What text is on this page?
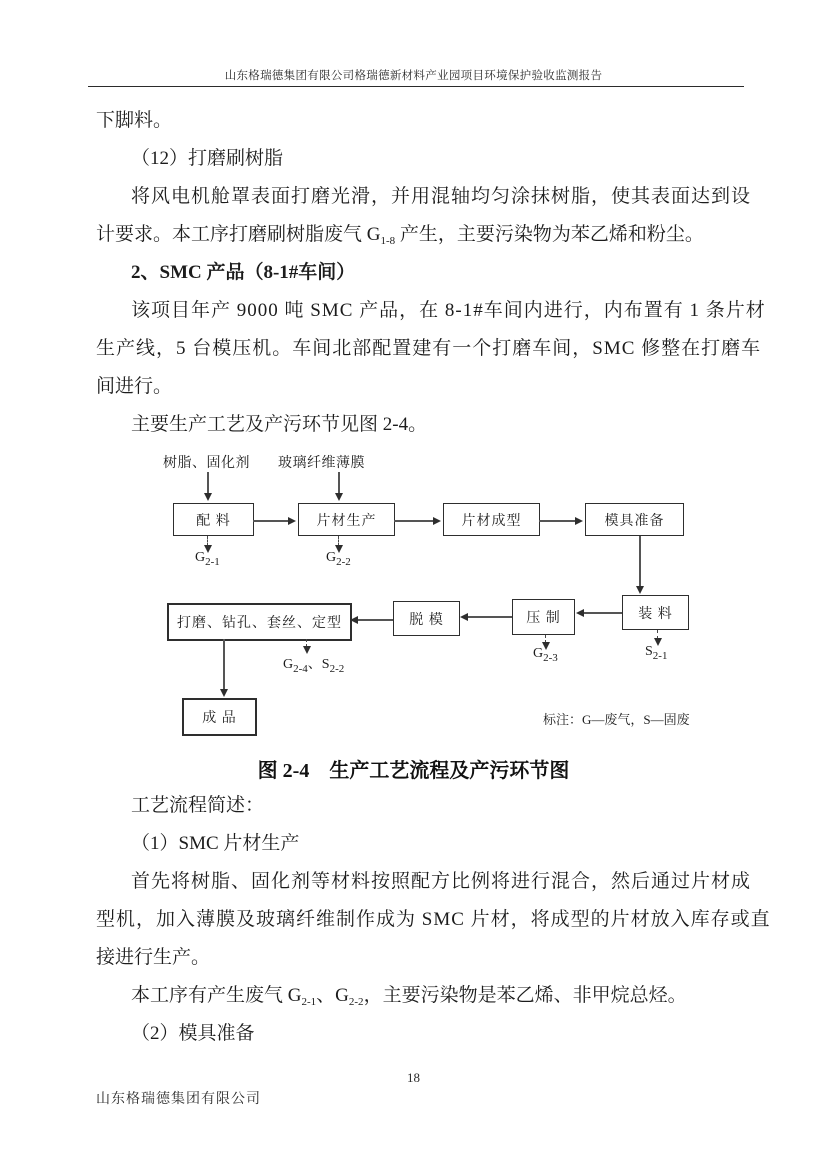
山东格瑞德集团有限公司格瑞德新材料产业园项目环境保护验收监测报告
下脚料。
（12）打磨刷树脂
将风电机舱罩表面打磨光滑，并用混轴均匀涂抹树脂，使其表面达到设
计要求。本工序打磨刷树脂废气 $G_{1-8}$ 产生，主要污染物为苯乙烯和粉尘。
2、SMC 产品（8-1#车间）
该项目年产 9000 吨 SMC 产品，在 8-1#车间内进行，内布置有 1 条片材
生产线，5 台模压机。车间北部配置建有一个打磨车间，SMC 修整在打磨车
间进行。
主要生产工艺及产污环节见图 2-4。
工艺流程简述：
（1）SMC 片材生产
首先将树脂、固化剂等材料按照配方比例将进行混合，然后通过片材成
型机，加入薄膜及玻璃纤维制作成为 SMC 片材，将成型的片材放入库存或直
接进行生产。
本工序有产生废气 $G_{2-1}$、$G_{2-2}$，主要污染物是苯乙烯、非甲烷总烃。
（2）模具准备
标注：G—废气，S—固废
树脂、固化剂 玻璃纤维薄膜
配 料	片材生产	片材成型	模具准备
装 料
压 制
脱 模
打磨、钻孔、套丝、定型
成 品
$G_{2-1}$	$G_{2-2}$
$G_{2-3}$	$S_{2-1}$
$G_{2-4}$、$S_{2-2}$
图 2-4　生产工艺流程及产污环节图
18
山东格瑞德集团有限公司
